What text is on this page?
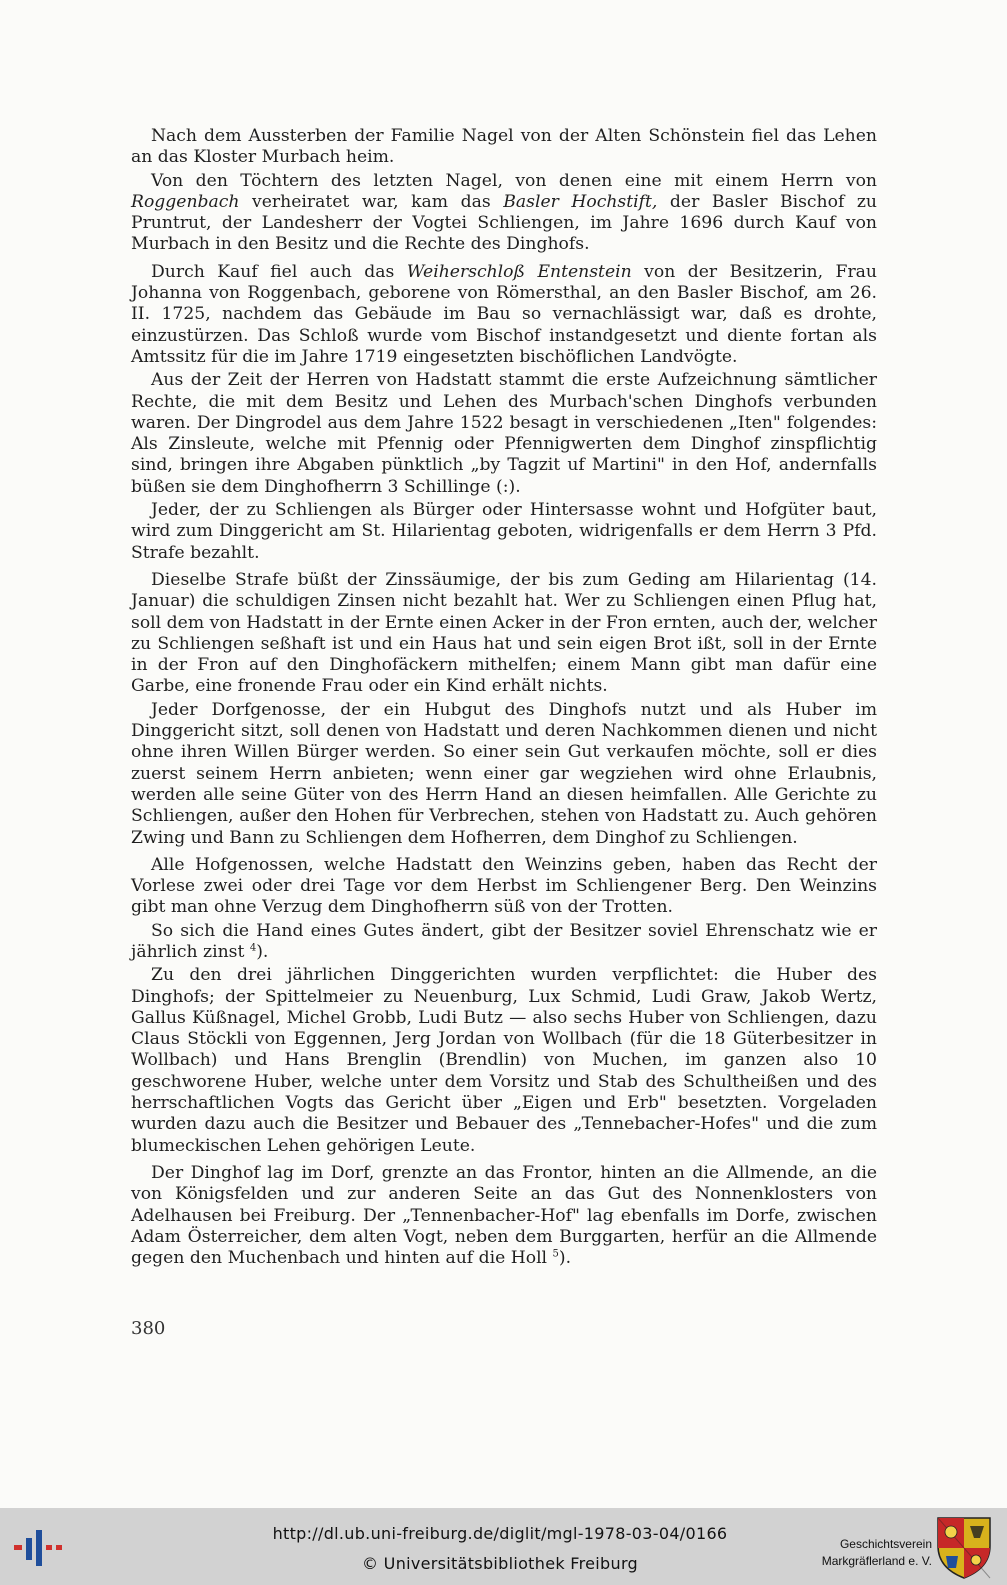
Nach dem Aussterben der Familie Nagel von der Alten Schönstein fiel das Lehen an das Kloster Murbach heim.

Von den Töchtern des letzten Nagel, von denen eine mit einem Herrn von Roggenbach verheiratet war, kam das Basler Hochstift, der Basler Bischof zu Pruntrut, der Landesherr der Vogtei Schliengen, im Jahre 1696 durch Kauf von Murbach in den Besitz und die Rechte des Dinghofs.

Durch Kauf fiel auch das Weiherschloß Entenstein von der Besitzerin, Frau Johanna von Roggenbach, geborene von Römersthal, an den Basler Bischof, am 26. II. 1725, nachdem das Gebäude im Bau so vernachlässigt war, daß es drohte, einzustürzen. Das Schloß wurde vom Bischof instandgesetzt und diente fortan als Amtssitz für die im Jahre 1719 eingesetzten bischöflichen Landvögte.

Aus der Zeit der Herren von Hadstatt stammt die erste Aufzeichnung sämtlicher Rechte, die mit dem Besitz und Lehen des Murbach'schen Dinghofs verbunden waren. Der Dingrodel aus dem Jahre 1522 besagt in verschiedenen „Iten" folgendes: Als Zinsleute, welche mit Pfennig oder Pfennigwerten dem Dinghof zinspflichtig sind, bringen ihre Abgaben pünktlich „by Tagzit uf Martini" in den Hof, andernfalls büßen sie dem Dinghofherrn 3 Schillinge (:).

Jeder, der zu Schliengen als Bürger oder Hintersasse wohnt und Hofgüter baut, wird zum Dinggericht am St. Hilarientag geboten, widrigenfalls er dem Herrn 3 Pfd. Strafe bezahlt.

Dieselbe Strafe büßt der Zinssäumige, der bis zum Geding am Hilarientag (14. Januar) die schuldigen Zinsen nicht bezahlt hat. Wer zu Schliengen einen Pflug hat, soll dem von Hadstatt in der Ernte einen Acker in der Fron ernten, auch der, welcher zu Schliengen seßhaft ist und ein Haus hat und sein eigen Brot ißt, soll in der Ernte in der Fron auf den Dinghofäckern mithelfen; einem Mann gibt man dafür eine Garbe, eine fronende Frau oder ein Kind erhält nichts.

Jeder Dorfgenosse, der ein Hubgut des Dinghofs nutzt und als Huber im Dinggericht sitzt, soll denen von Hadstatt und deren Nachkommen dienen und nicht ohne ihren Willen Bürger werden. So einer sein Gut verkaufen möchte, soll er dies zuerst seinem Herrn anbieten; wenn einer gar wegziehen wird ohne Erlaubnis, werden alle seine Güter von des Herrn Hand an diesen heimfallen. Alle Gerichte zu Schliengen, außer den Hohen für Verbrechen, stehen von Hadstatt zu. Auch gehören Zwing und Bann zu Schliengen dem Hofherren, dem Dinghof zu Schliengen.

Alle Hofgenossen, welche Hadstatt den Weinzins geben, haben das Recht der Vorlese zwei oder drei Tage vor dem Herbst im Schliengener Berg. Den Weinzins gibt man ohne Verzug dem Dinghofherrn süß von der Trotten.

So sich die Hand eines Gutes ändert, gibt der Besitzer soviel Ehrenschatz wie er jährlich zinst $^4$).

Zu den drei jährlichen Dinggerichten wurden verpflichtet: die Huber des Dinghofs; der Spittelmeier zu Neuenburg, Lux Schmid, Ludi Graw, Jakob Wertz, Gallus Küßnagel, Michel Grobb, Ludi Butz — also sechs Huber von Schliengen, dazu Claus Stöckli von Eggennen, Jerg Jordan von Wollbach (für die 18 Güterbesitzer in Wollbach) und Hans Brenglin (Brendlin) von Muchen, im ganzen also 10 geschworene Huber, welche unter dem Vorsitz und Stab des Schultheißen und des herrschaftlichen Vogts das Gericht über „Eigen und Erb" besetzten. Vorgeladen wurden dazu auch die Besitzer und Bebauer des „Tennebacher-Hofes" und die zum blumeckischen Lehen gehörigen Leute.

Der Dinghof lag im Dorf, grenzte an das Frontor, hinten an die Allmende, an die von Königsfelden und zur anderen Seite an das Gut des Nonnenklosters von Adelhausen bei Freiburg. Der „Tennenbacher-Hof" lag ebenfalls im Dorfe, zwischen Adam Österreicher, dem alten Vogt, neben dem Burggarten, herfür an die Allmende gegen den Muchenbach und hinten auf die Holl $^5$).

380
http://dl.ub.uni-freiburg.de/diglit/mgl-1978-03-04/0166
© Universitätsbibliothek Freiburg
Geschichtsverein
Markgräflerland e. V.
